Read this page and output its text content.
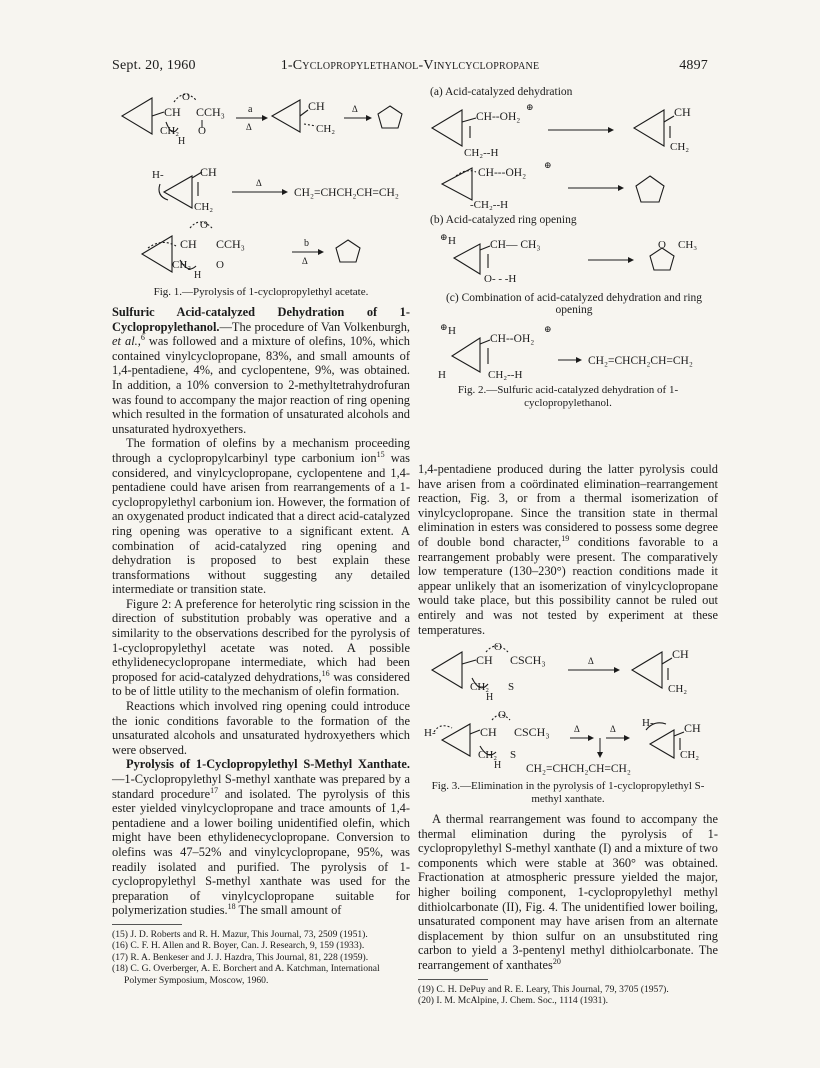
Sept. 20, 1960	1-Cyclopropylethanol-Vinylcyclopropane	4897
CH
O
CCH₃
CH₂ O
H
a
Δ
CH
CH₂
Δ
H-	CH
CH₂
Δ
CH₂=CHCH₂CH=CH₂
CH
O
CCH₃
CH₂ O
H
b
Δ
Fig. 1.—Pyrolysis of 1-cyclopropylethyl acetate.

Sulfuric Acid-catalyzed Dehydration of 1-Cyclopropylethanol.—The procedure of Van Volkenburgh, et al.,$^6$ was followed and a mixture of olefins, 10%, which contained vinylcyclopropane, 83%, and small amounts of 1,4-pentadiene, 4%, and cyclopentene, 9%, was obtained. In addition, a 10% conversion to 2-methyltetrahydrofuran was found to accompany the major reaction of ring opening which resulted in the formation of unsaturated alcohols and unsaturated hydroxyethers.

The formation of olefins by a mechanism proceeding through a cyclopropylcarbinyl type carbonium ion$^{15}$ was considered, and vinylcyclopropane, cyclopentene and 1,4-pentadiene could have arisen from rearrangements of a 1-cyclopropylethyl carbonium ion. However, the formation of an oxygenated product indicated that a direct acid-catalyzed ring opening was operative to a significant extent. A combination of acid-catalyzed ring opening and dehydration is proposed to best explain these transformations without suggesting any detailed intermediate or transition state.

Figure 2: A preference for heterolytic ring scission in the direction of substitution probably was operative and a similarity to the observations described for the pyrolysis of 1-cyclopropylethyl acetate was noted. A possible ethylidenecyclopropane intermediate, which had been proposed for acid-catalyzed dehydrations,$^{16}$ was considered to be of little utility to the mechanism of olefin formation.

Reactions which involved ring opening could introduce the ionic conditions favorable to the formation of the unsaturated alcohols and unsaturated hydroxyethers which were observed.

Pyrolysis of 1-Cyclopropylethyl S-Methyl Xanthate.—1-Cyclopropylethyl S-methyl xanthate was prepared by a standard procedure$^{17}$ and isolated. The pyrolysis of this ester yielded vinylcyclopropane and trace amounts of 1,4-pentadiene and a lower boiling unidentified olefin, which might have been ethylidenecyclopropane. Conversion to olefins was 47–52% and vinylcyclopropane, 95%, was readily isolated and purified. The pyrolysis of 1-cyclopropylethyl S-methyl xanthate was used for the preparation of vinylcyclopropane suitable for polymerization studies.$^{18}$ The small amount of

(15) J. D. Roberts and R. H. Mazur, This Journal, 73, 2509 (1951).

(16) C. F. H. Allen and R. Boyer, Can. J. Research, 9, 159 (1933).

(17) R. A. Benkeser and J. J. Hazdra, This Journal, 81, 228 (1959).

(18) C. G. Overberger, A. E. Borchert and A. Katchman, International Polymer Symposium, Moscow, 1960.

(a) Acid-catalyzed dehydration
CH--OH₂
⊕
CH₂--H
CH
CH₂
CH---OH₂
⊕
-CH₂--H
(b) Acid-catalyzed ring opening
⊕ H	CH— CH₃
O- - -H
O CH₃
(c) Combination of acid-catalyzed dehydration and ring opening
⊕ H
CH--OH₂
⊕
H	CH₂--H
CH₂=CHCH₂CH=CH₂
Fig. 2.—Sulfuric acid-catalyzed dehydration of 1-cyclopropylethanol.

1,4-pentadiene produced during the latter pyrolysis could have arisen from a coördinated elimination–rearrangement reaction, Fig. 3, or from a thermal isomerization of vinylcyclopropane. Since the transition state in thermal elimination in esters was considered to possess some degree of double bond character,$^{19}$ conditions favorable to a rearrangement probably were present. The comparatively low temperature (130–230°) reaction conditions made it appear unlikely that an isomerization of vinylcyclopropane would take place, but this possibility cannot be ruled out entirely and was not tested by experiment at these temperatures.

CH
O
CSCH₃
CH₂ S
H
Δ	CH
CH₂
H-	CH
O
CSCH₃
CH₂ S
H
Δ	Δ H-	CH
CH₂
CH₂=CHCH₂CH=CH₂
Fig. 3.—Elimination in the pyrolysis of 1-cyclopropylethyl S-methyl xanthate.

A thermal rearrangement was found to accompany the thermal elimination during the pyrolysis of 1-cyclopropylethyl S-methyl xanthate (I) and a mixture of two components which were stable at 360° was obtained. Fractionation at atmospheric pressure yielded the major, higher boiling component, 1-cyclopropylethyl methyl dithiolcarbonate (II), Fig. 4. The unidentified lower boiling, unsaturated component may have arisen from an alternate displacement by thion sulfur on an unsubstituted ring carbon to yield a 3-pentenyl methyl dithiolcarbonate. The rearrangement of xanthates$^{20}$

(19) C. H. DePuy and R. E. Leary, This Journal, 79, 3705 (1957).

(20) I. M. McAlpine, J. Chem. Soc., 1114 (1931).
